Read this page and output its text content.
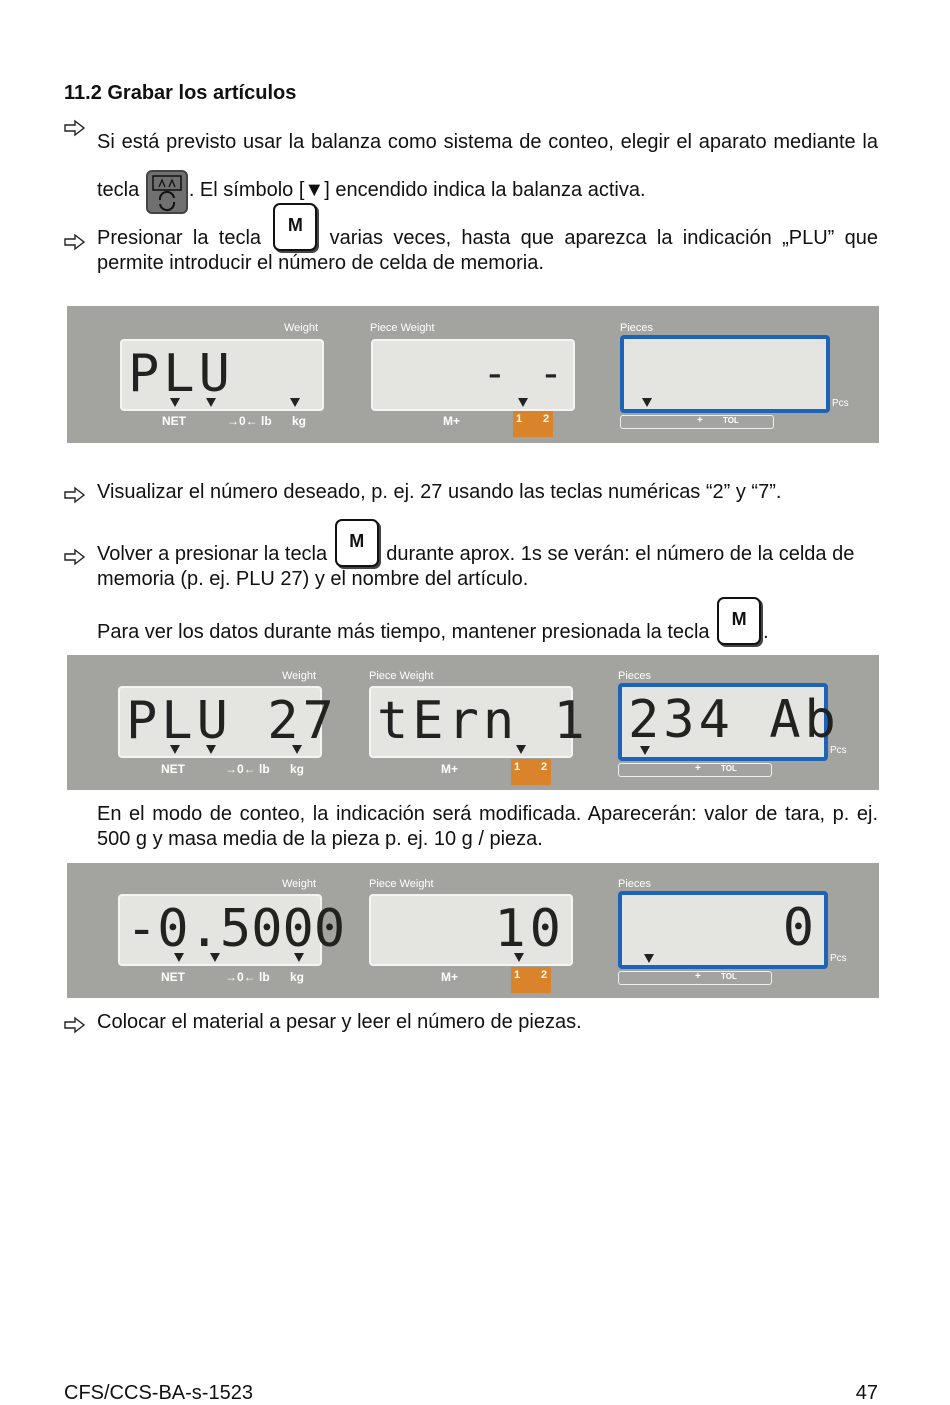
11.2 Grabar los artículos
Si está previsto usar la balanza como sistema de conteo, elegir el aparato mediante la tecla . El símbolo [▼] encendido indica la balanza activa.
Presionar la tecla
M
varias veces, hasta que aparezca la indicación „PLU” que permite introducir el número de celda de memoria.
Weight	Piece Weight	Pieces
PLU	- -
NET	→0← lb kg	M+	1 2	+	TOL
Pcs
Visualizar el número deseado, p. ej. 27 usando las teclas numéricas “2” y “7”.
Volver a presionar la tecla
M
durante aprox. 1s se verán: el número de la celda de memoria (p. ej. PLU 27) y el nombre del artículo.
Para ver los datos durante más tiempo, mantener presionada la tecla
M
.
Weight	Piece Weight	Pieces
PLU 27 tErn 1 234 Ab
NET	→0← lb kg	M+	1 2	+	TOL
Pcs
En el modo de conteo, la indicación será modificada. Aparecerán: valor de tara, p. ej. 500 g y masa media de la pieza p. ej. 10 g / pieza.
Weight	Piece Weight	Pieces
-0.5000	10	0
NET	→0← lb kg	M+	1 2	+	TOL
Pcs
Colocar el material a pesar y leer el número de piezas.
CFS/CCS-BA-s-1523	47
